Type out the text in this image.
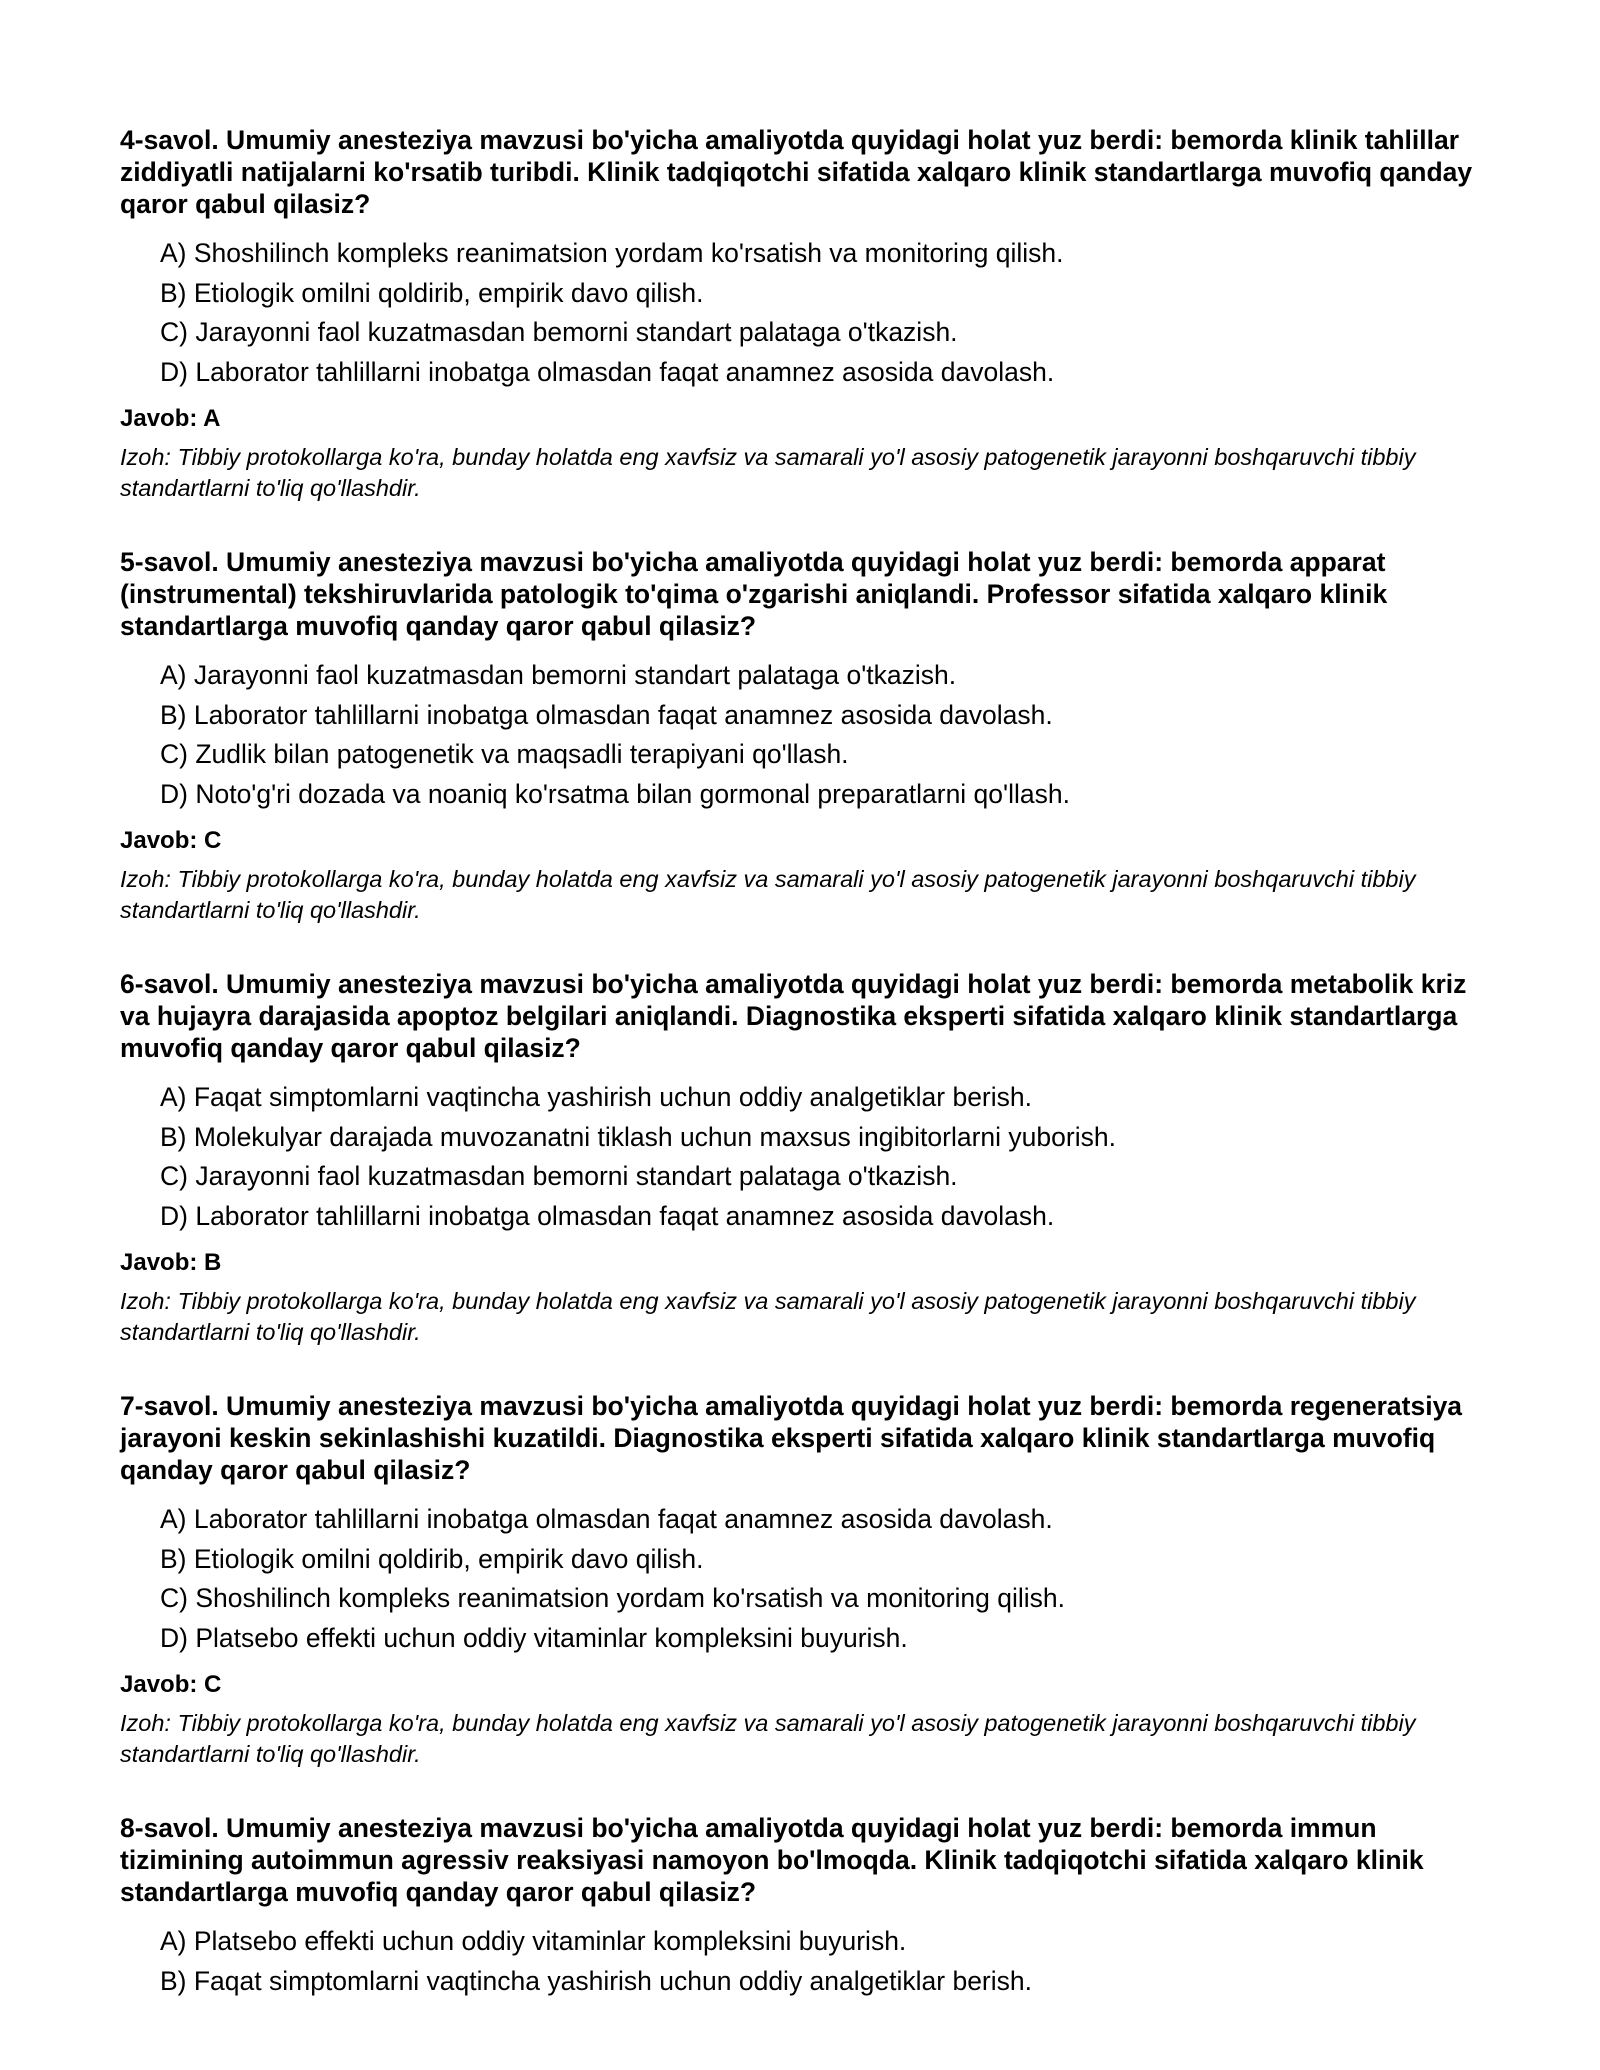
4-savol. Umumiy anesteziya mavzusi bo'yicha amaliyotda quyidagi holat yuz berdi: bemorda klinik tahlillar ziddiyatli natijalarni ko'rsatib turibdi. Klinik tadqiqotchi sifatida xalqaro klinik standartlarga muvofiq qanday qaror qabul qilasiz?
A) Shoshilinch kompleks reanimatsion yordam ko'rsatish va monitoring qilish.
B) Etiologik omilni qoldirib, empirik davo qilish.
C) Jarayonni faol kuzatmasdan bemorni standart palataga o'tkazish.
D) Laborator tahlillarni inobatga olmasdan faqat anamnez asosida davolash.
Javob: A

Izoh: Tibbiy protokollarga ko'ra, bunday holatda eng xavfsiz va samarali yo'l asosiy patogenetik jarayonni boshqaruvchi tibbiy standartlarni to'liq qo'llashdir.

5-savol. Umumiy anesteziya mavzusi bo'yicha amaliyotda quyidagi holat yuz berdi: bemorda apparat (instrumental) tekshiruvlarida patologik to'qima o'zgarishi aniqlandi. Professor sifatida xalqaro klinik standartlarga muvofiq qanday qaror qabul qilasiz?
A) Jarayonni faol kuzatmasdan bemorni standart palataga o'tkazish.
B) Laborator tahlillarni inobatga olmasdan faqat anamnez asosida davolash.
C) Zudlik bilan patogenetik va maqsadli terapiyani qo'llash.
D) Noto'g'ri dozada va noaniq ko'rsatma bilan gormonal preparatlarni qo'llash.
Javob: C

Izoh: Tibbiy protokollarga ko'ra, bunday holatda eng xavfsiz va samarali yo'l asosiy patogenetik jarayonni boshqaruvchi tibbiy standartlarni to'liq qo'llashdir.

6-savol. Umumiy anesteziya mavzusi bo'yicha amaliyotda quyidagi holat yuz berdi: bemorda metabolik kriz va hujayra darajasida apoptoz belgilari aniqlandi. Diagnostika eksperti sifatida xalqaro klinik standartlarga muvofiq qanday qaror qabul qilasiz?
A) Faqat simptomlarni vaqtincha yashirish uchun oddiy analgetiklar berish.
B) Molekulyar darajada muvozanatni tiklash uchun maxsus ingibitorlarni yuborish.
C) Jarayonni faol kuzatmasdan bemorni standart palataga o'tkazish.
D) Laborator tahlillarni inobatga olmasdan faqat anamnez asosida davolash.
Javob: B

Izoh: Tibbiy protokollarga ko'ra, bunday holatda eng xavfsiz va samarali yo'l asosiy patogenetik jarayonni boshqaruvchi tibbiy standartlarni to'liq qo'llashdir.

7-savol. Umumiy anesteziya mavzusi bo'yicha amaliyotda quyidagi holat yuz berdi: bemorda regeneratsiya jarayoni keskin sekinlashishi kuzatildi. Diagnostika eksperti sifatida xalqaro klinik standartlarga muvofiq qanday qaror qabul qilasiz?
A) Laborator tahlillarni inobatga olmasdan faqat anamnez asosida davolash.
B) Etiologik omilni qoldirib, empirik davo qilish.
C) Shoshilinch kompleks reanimatsion yordam ko'rsatish va monitoring qilish.
D) Platsebo effekti uchun oddiy vitaminlar kompleksini buyurish.
Javob: C

Izoh: Tibbiy protokollarga ko'ra, bunday holatda eng xavfsiz va samarali yo'l asosiy patogenetik jarayonni boshqaruvchi tibbiy standartlarni to'liq qo'llashdir.

8-savol. Umumiy anesteziya mavzusi bo'yicha amaliyotda quyidagi holat yuz berdi: bemorda immun tizimining autoimmun agressiv reaksiyasi namoyon bo'lmoqda. Klinik tadqiqotchi sifatida xalqaro klinik standartlarga muvofiq qanday qaror qabul qilasiz?
A) Platsebo effekti uchun oddiy vitaminlar kompleksini buyurish.
B) Faqat simptomlarni vaqtincha yashirish uchun oddiy analgetiklar berish.
